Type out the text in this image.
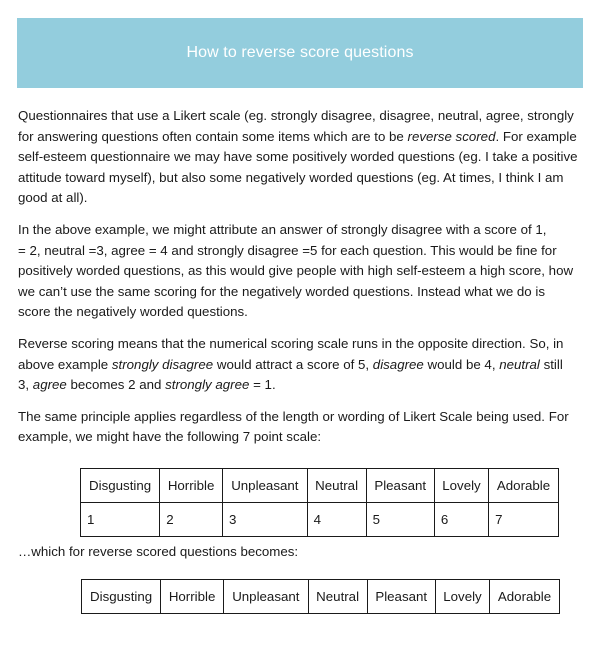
How to reverse score questions

Questionnaires that use a Likert scale (eg. strongly disagree, disagree, neutral, agree, strongly
for answering questions often contain some items which are to be reverse scored. For example
self-esteem questionnaire we may have some positively worded questions (eg. I take a positive
attitude toward myself), but also some negatively worded questions (eg. At times, I think I am
good at all).

In the above example, we might attribute an answer of strongly disagree with a score of 1,
= 2, neutral =3, agree = 4 and strongly disagree =5 for each question. This would be fine for
positively worded questions, as this would give people with high self-esteem a high score, how
we can’t use the same scoring for the negatively worded questions. Instead what we do is
score the negatively worded questions.

Reverse scoring means that the numerical scoring scale runs in the opposite direction. So, in
above example strongly disagree would attract a score of 5, disagree would be 4, neutral still
3, agree becomes 2 and strongly agree = 1.

The same principle applies regardless of the length or wording of Likert Scale being used. For
example, we might have the following 7 point scale:

Disgusting	Horrible	Unpleasant	Neutral	Pleasant	Lovely	Adorable
1	2	3	4	5	6	7
…which for reverse scored questions becomes:
Disgusting	Horrible	Unpleasant	Neutral	Pleasant	Lovely	Adorable
